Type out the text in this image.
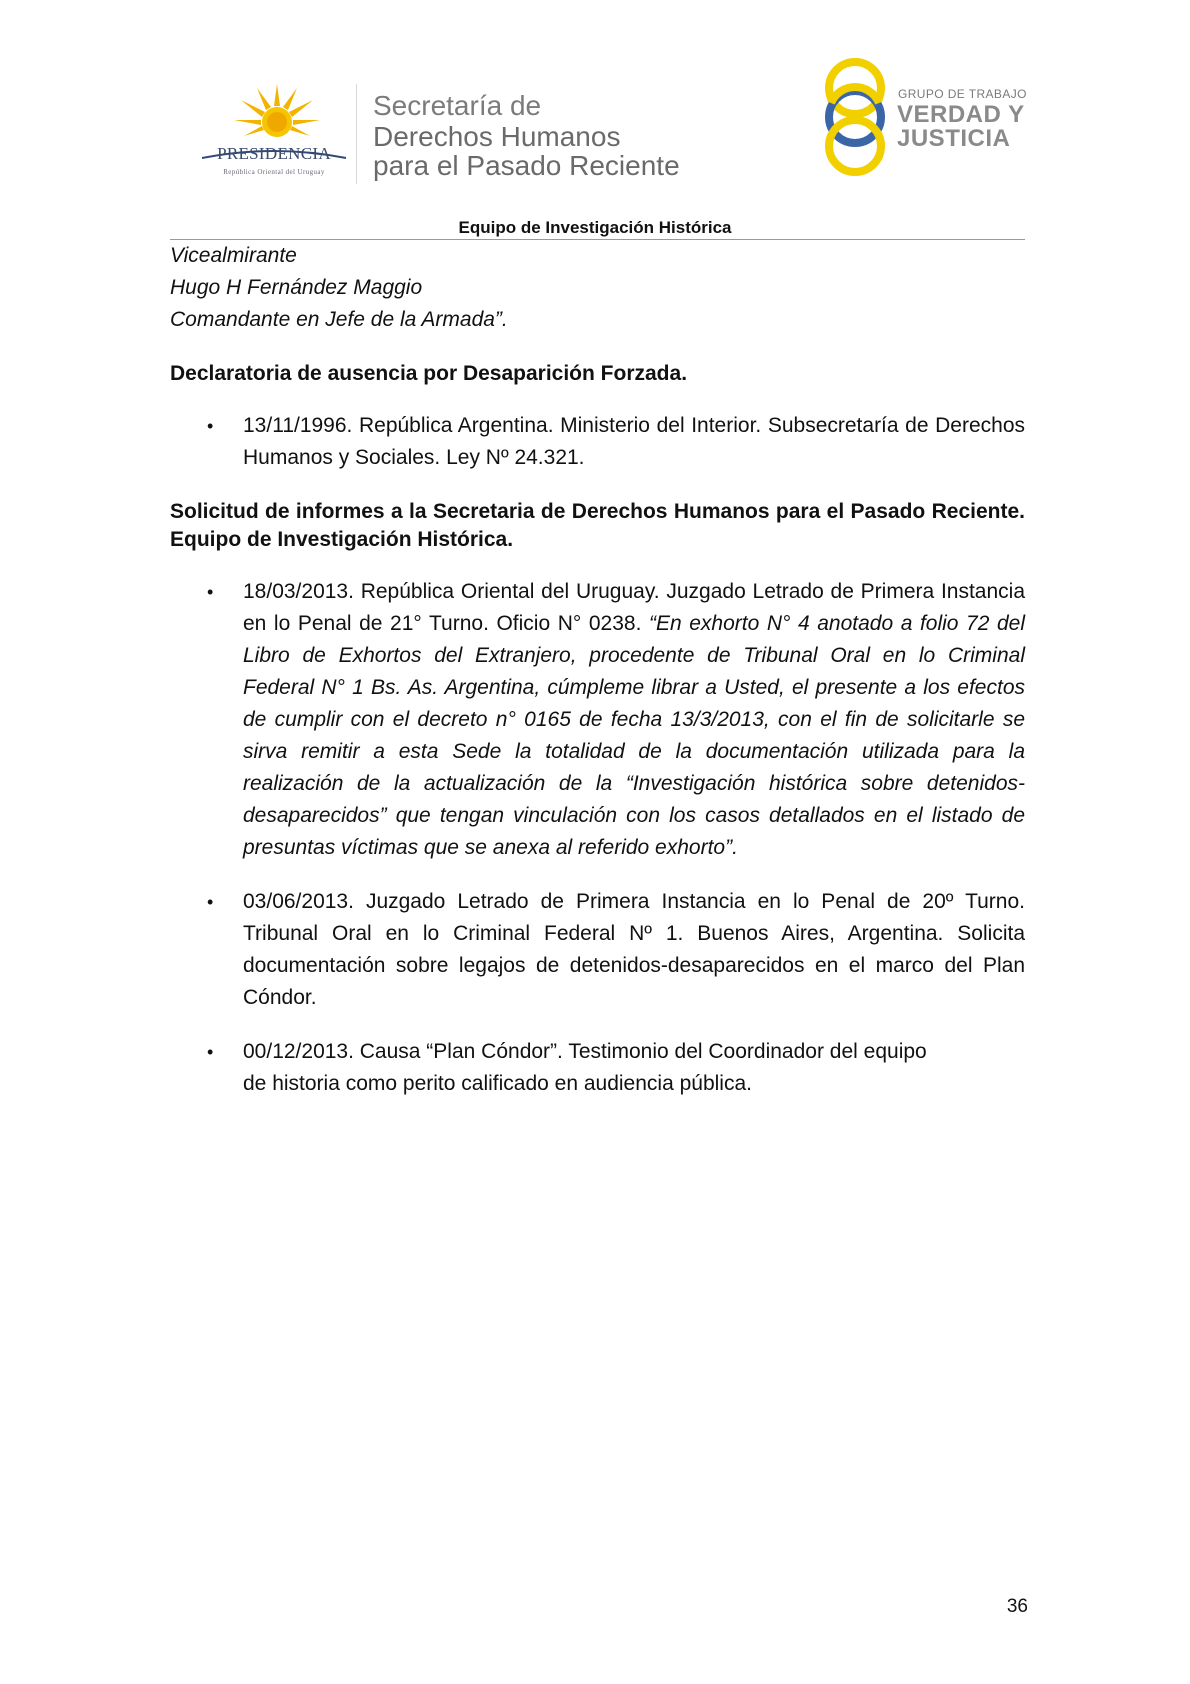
PRESIDENCIA
República Oriental del Uruguay
Secretaría de
Derechos Humanos
para el Pasado Reciente
GRUPO DE TRABAJO
VERDAD Y
JUSTICIA
Equipo de Investigación Histórica
Vicealmirante
Hugo H Fernández Maggio
Comandante en Jefe de la Armada”.
Declaratoria de ausencia por Desaparición Forzada.
• 13/11/1996. República Argentina. Ministerio del Interior. Subsecretaría de Derechos Humanos y Sociales. Ley Nº 24.321.
Solicitud de informes a la Secretaria de Derechos Humanos para el Pasado Reciente. Equipo de Investigación Histórica.
• 18/03/2013. República Oriental del Uruguay. Juzgado Letrado de Primera Instancia en lo Penal de 21° Turno. Oficio N° 0238. “En exhorto N° 4 anotado a folio 72 del Libro de Exhortos del Extranjero, procedente de Tribunal Oral en lo Criminal Federal N° 1 Bs. As. Argentina, cúmpleme librar a Usted, el presente a los efectos de cumplir con el decreto n° 0165 de fecha 13/3/2013, con el fin de solicitarle se sirva remitir a esta Sede la totalidad de la documentación utilizada para la realización de la actualización de la “Investigación histórica sobre detenidos- desaparecidos” que tengan vinculación con los casos detallados en el listado de presuntas víctimas que se anexa al referido exhorto”.
• 03/06/2013. Juzgado Letrado de Primera Instancia en lo Penal de 20º Turno. Tribunal Oral en lo Criminal Federal Nº 1. Buenos Aires, Argentina. Solicita documentación sobre legajos de detenidos-desaparecidos en el marco del Plan Cóndor.
• 00/12/2013. Causa “Plan Cóndor”. Testimonio del Coordinador del equipo de historia como perito calificado en audiencia pública.
36
